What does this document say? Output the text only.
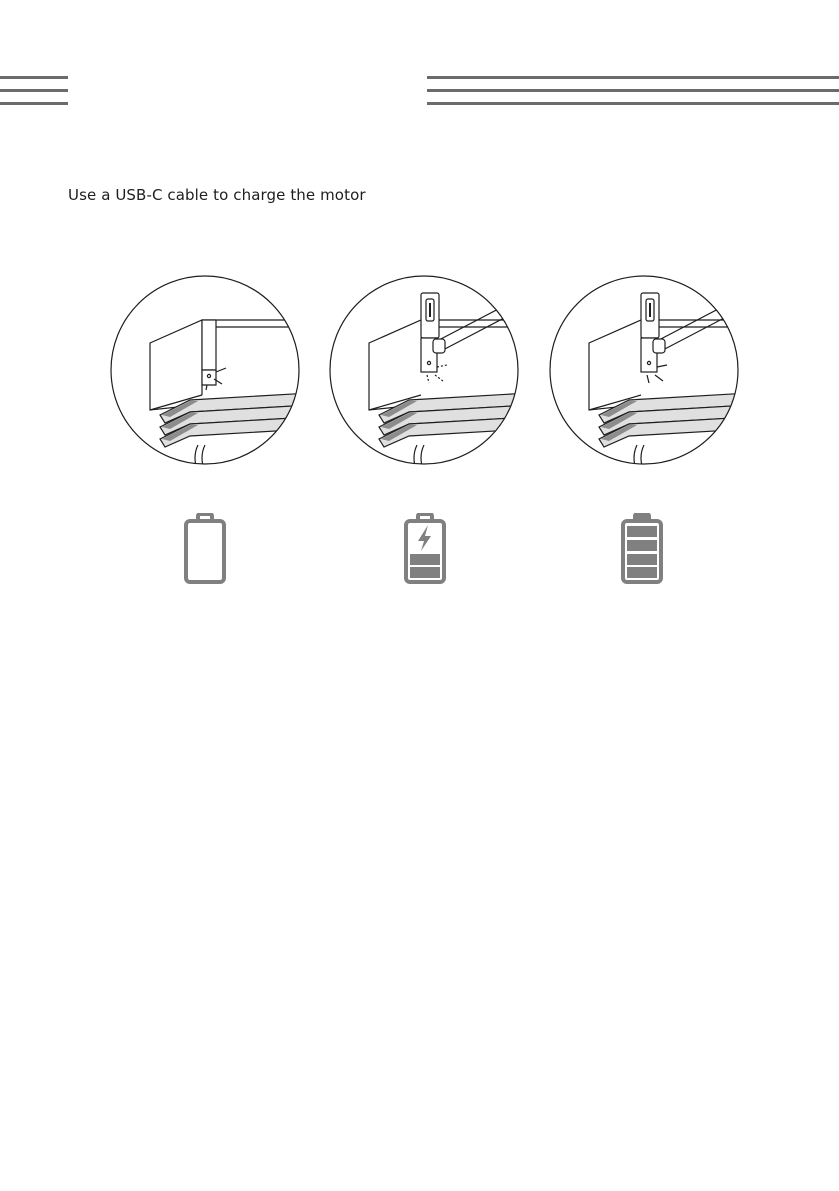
Use a USB-C cable to charge the motor
